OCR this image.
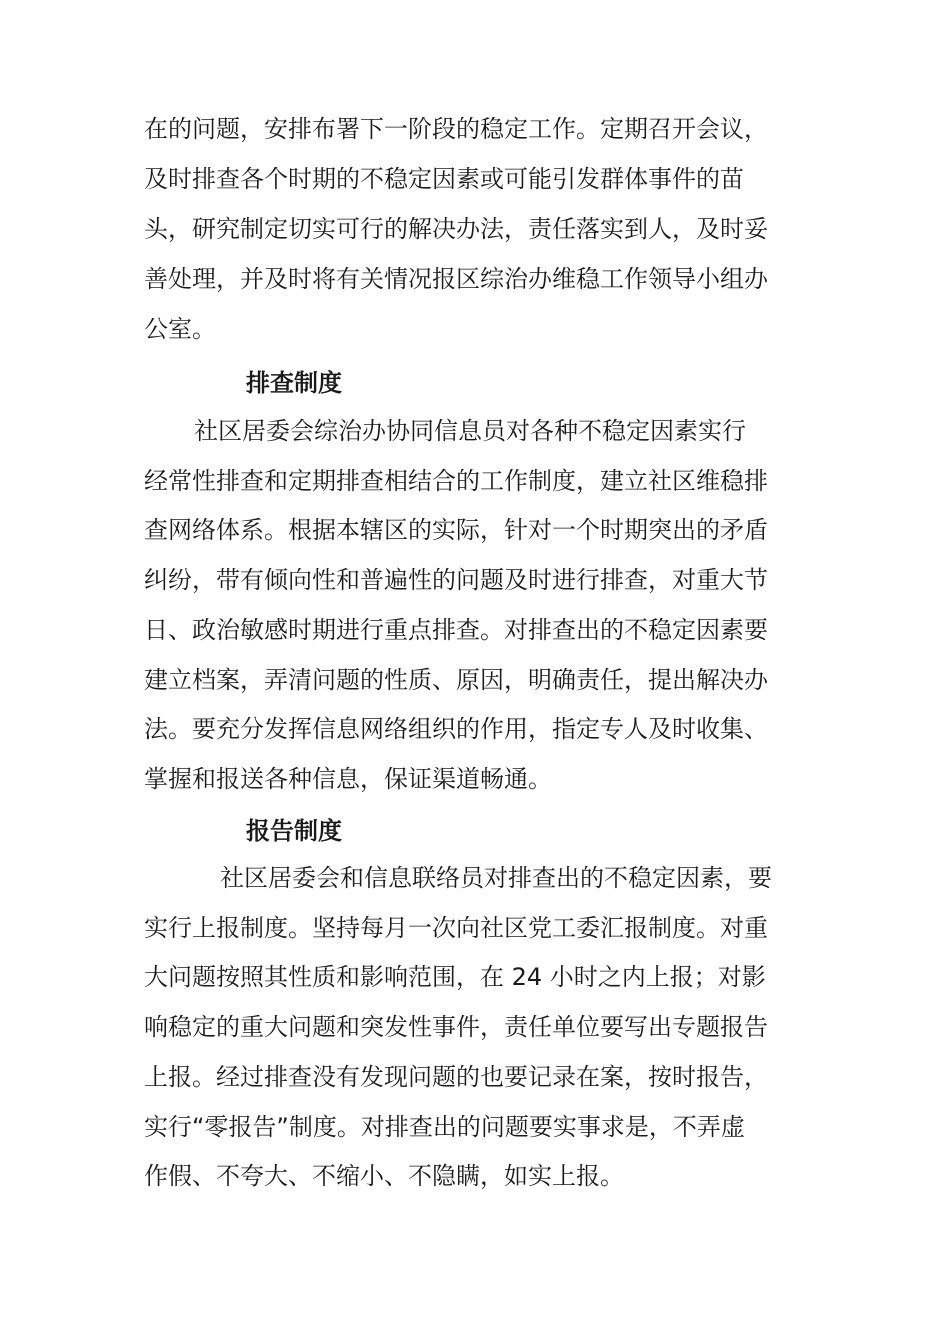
在的问题，安排布署下一阶段的稳定工作。定期召开会议，
及时排查各个时期的不稳定因素或可能引发群体事件的苗
头，研究制定切实可行的解决办法，责任落实到人，及时妥
善处理，并及时将有关情况报区综治办维稳工作领导小组办
公室。
排查制度
社区居委会综治办协同信息员对各种不稳定因素实行
经常性排查和定期排查相结合的工作制度，建立社区维稳排
查网络体系。根据本辖区的实际，针对一个时期突出的矛盾
纠纷，带有倾向性和普遍性的问题及时进行排查，对重大节
日、政治敏感时期进行重点排查。对排查出的不稳定因素要
建立档案，弄清问题的性质、原因，明确责任，提出解决办
法。要充分发挥信息网络组织的作用，指定专人及时收集、
掌握和报送各种信息，保证渠道畅通。
报告制度
社区居委会和信息联络员对排查出的不稳定因素，要
实行上报制度。坚持每月一次向社区党工委汇报制度。对重
大问题按照其性质和影响范围，在 24 小时之内上报；对影
响稳定的重大问题和突发性事件，责任单位要写出专题报告
上报。经过排查没有发现问题的也要记录在案，按时报告，
实行“零报告”制度。对排查出的问题要实事求是，不弄虚
作假、不夸大、不缩小、不隐瞒，如实上报。
